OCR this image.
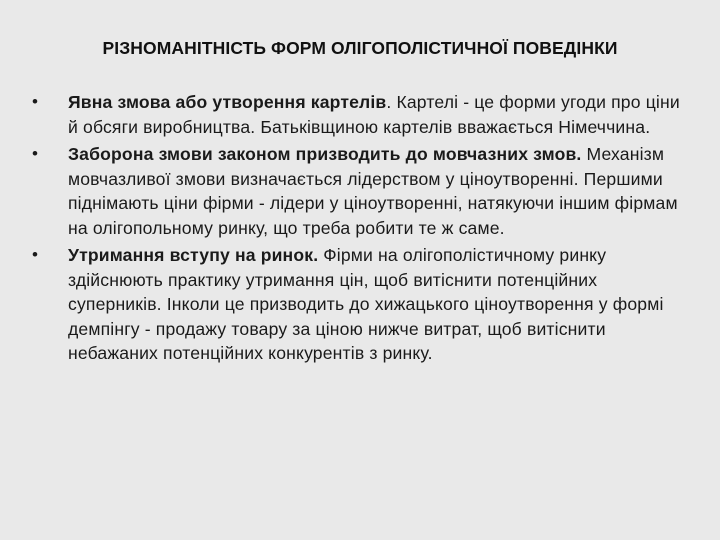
РІЗНОМАНІТНІСТЬ ФОРМ ОЛІГОПОЛІСТИЧНОЇ ПОВЕДІНКИ
• Явна змова або утворення картелів. Картелі - це форми угоди про ціни й обсяги виробництва. Батьківщиною картелів вважається Німеччина.
• Заборона змови законом призводить до мовчазних змов. Механізм мовчазливої змови визначається лідерством у ціноутворенні. Першими піднімають ціни фірми - лідери у ціноутворенні, натякуючи іншим фірмам на олігопольному ринку, що треба робити те ж саме.
• Утримання вступу на ринок. Фірми на олігополістичному ринку здійснюють практику утримання цін, щоб витіснити потенційних суперників. Інколи це призводить до хижацького ціноутворення у формі демпінгу - продажу товару за ціною нижче витрат, щоб витіснити небажаних потенційних конкурентів з ринку.
